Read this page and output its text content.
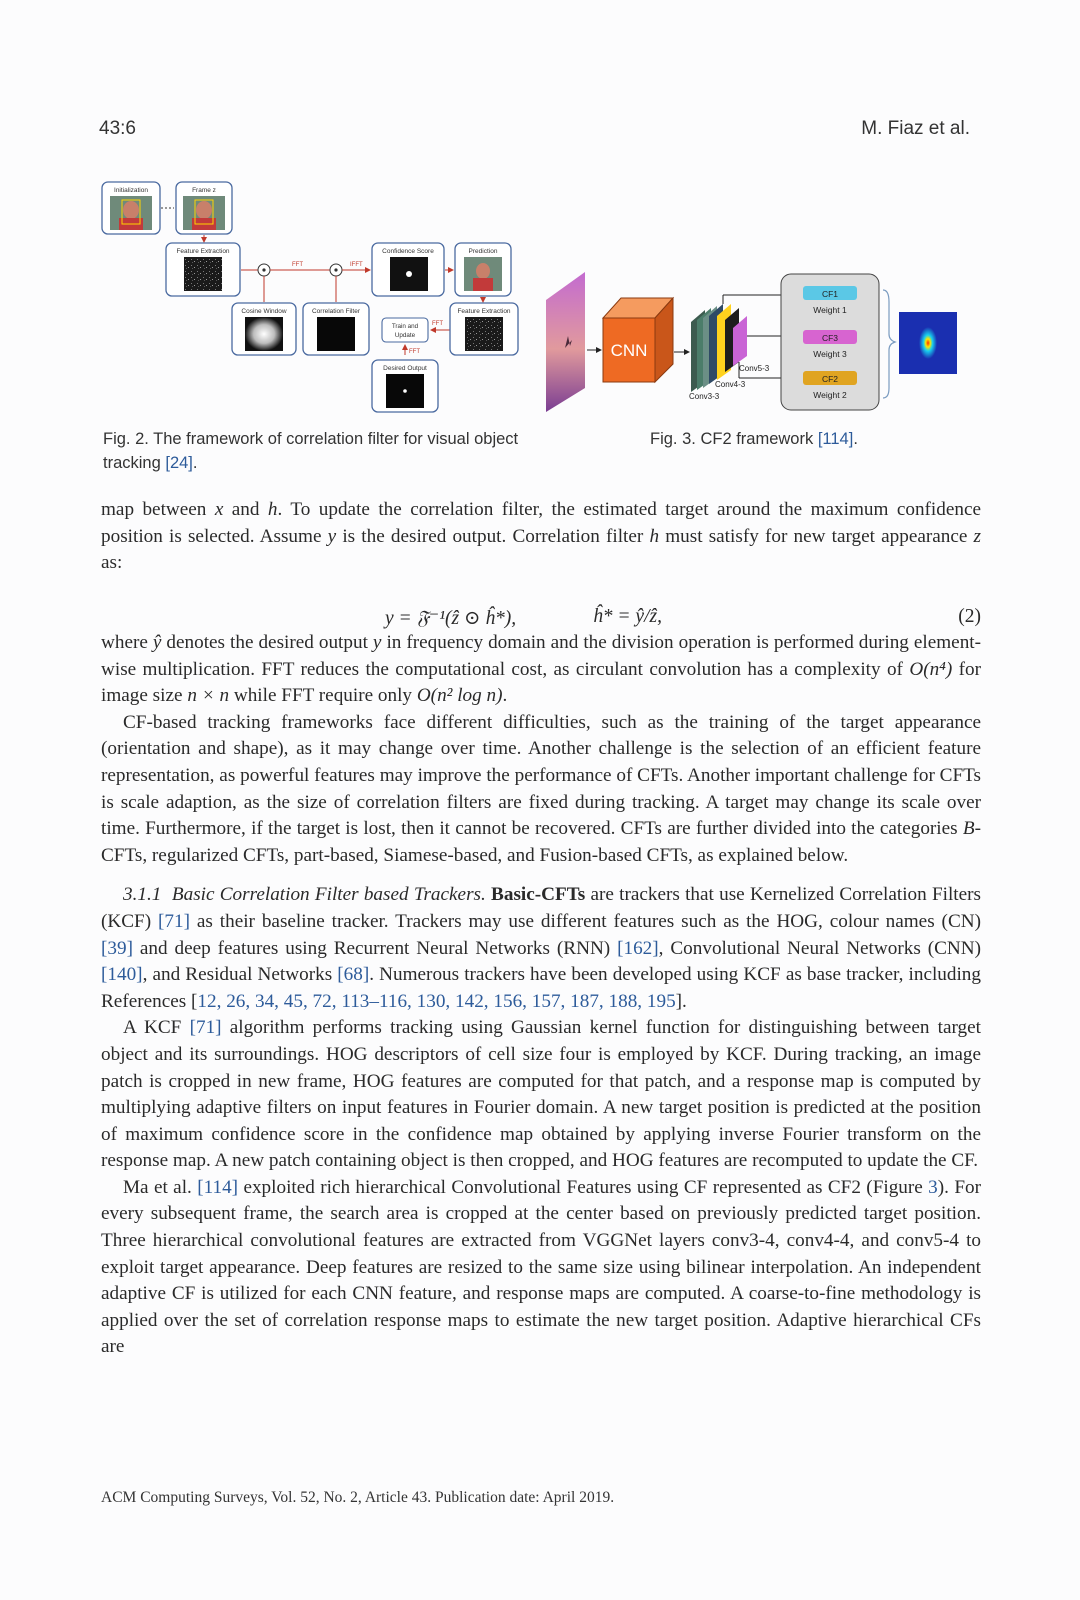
43:6	M. Fiaz et al.
Initialization	Frame z
Feature Extraction
FFT	IFFT
Confidence Score	Prediction
Cosine Window	Correlation Filter
Train and
Update
FFT
FFT
Feature Extraction
Desired Output
CNN
Conv5-3
Conv4-3
Conv3-3
CF1
Weight 1
CF3
Weight 3
CF2
Weight 2
Fig. 2. The framework of correlation filter for visual object tracking [24].
Fig. 3. CF2 framework [114].

map between x and h. To update the correlation filter, the estimated target around the maximum confidence position is selected. Assume y is the desired output. Correlation filter h must satisfy for new target appearance z as:

y = 𝔉⁻¹(ẑ ⊙ ĥ*),	ĥ* = ŷ/ẑ,	(2)

where ŷ denotes the desired output y in frequency domain and the division operation is performed during element-wise multiplication. FFT reduces the computational cost, as circulant convolution has a complexity of O(n⁴) for image size n × n while FFT require only O(n² log n).

CF-based tracking frameworks face different difficulties, such as the training of the target appearance (orientation and shape), as it may change over time. Another challenge is the selection of an efficient feature representation, as powerful features may improve the performance of CFTs. Another important challenge for CFTs is scale adaption, as the size of correlation filters are fixed during tracking. A target may change its scale over time. Furthermore, if the target is lost, then it cannot be recovered. CFTs are further divided into the categories B-CFTs, regularized CFTs, part-based, Siamese-based, and Fusion-based CFTs, as explained below.

3.1.1 Basic Correlation Filter based Trackers. Basic-CFTs are trackers that use Kernelized Correlation Filters (KCF) [71] as their baseline tracker. Trackers may use different features such as the HOG, colour names (CN) [39] and deep features using Recurrent Neural Networks (RNN) [162], Convolutional Neural Networks (CNN) [140], and Residual Networks [68]. Numerous trackers have been developed using KCF as base tracker, including References [12, 26, 34, 45, 72, 113–116, 130, 142, 156, 157, 187, 188, 195].

A KCF [71] algorithm performs tracking using Gaussian kernel function for distinguishing between target object and its surroundings. HOG descriptors of cell size four is employed by KCF. During tracking, an image patch is cropped in new frame, HOG features are computed for that patch, and a response map is computed by multiplying adaptive filters on input features in Fourier domain. A new target position is predicted at the position of maximum confidence score in the confidence map obtained by applying inverse Fourier transform on the response map. A new patch containing object is then cropped, and HOG features are recomputed to update the CF.

Ma et al. [114] exploited rich hierarchical Convolutional Features using CF represented as CF2 (Figure 3). For every subsequent frame, the search area is cropped at the center based on previously predicted target position. Three hierarchical convolutional features are extracted from VGGNet layers conv3-4, conv4-4, and conv5-4 to exploit target appearance. Deep features are resized to the same size using bilinear interpolation. An independent adaptive CF is utilized for each CNN feature, and response maps are computed. A coarse-to-fine methodology is applied over the set of correlation response maps to estimate the new target position. Adaptive hierarchical CFs are

ACM Computing Surveys, Vol. 52, No. 2, Article 43. Publication date: April 2019.
